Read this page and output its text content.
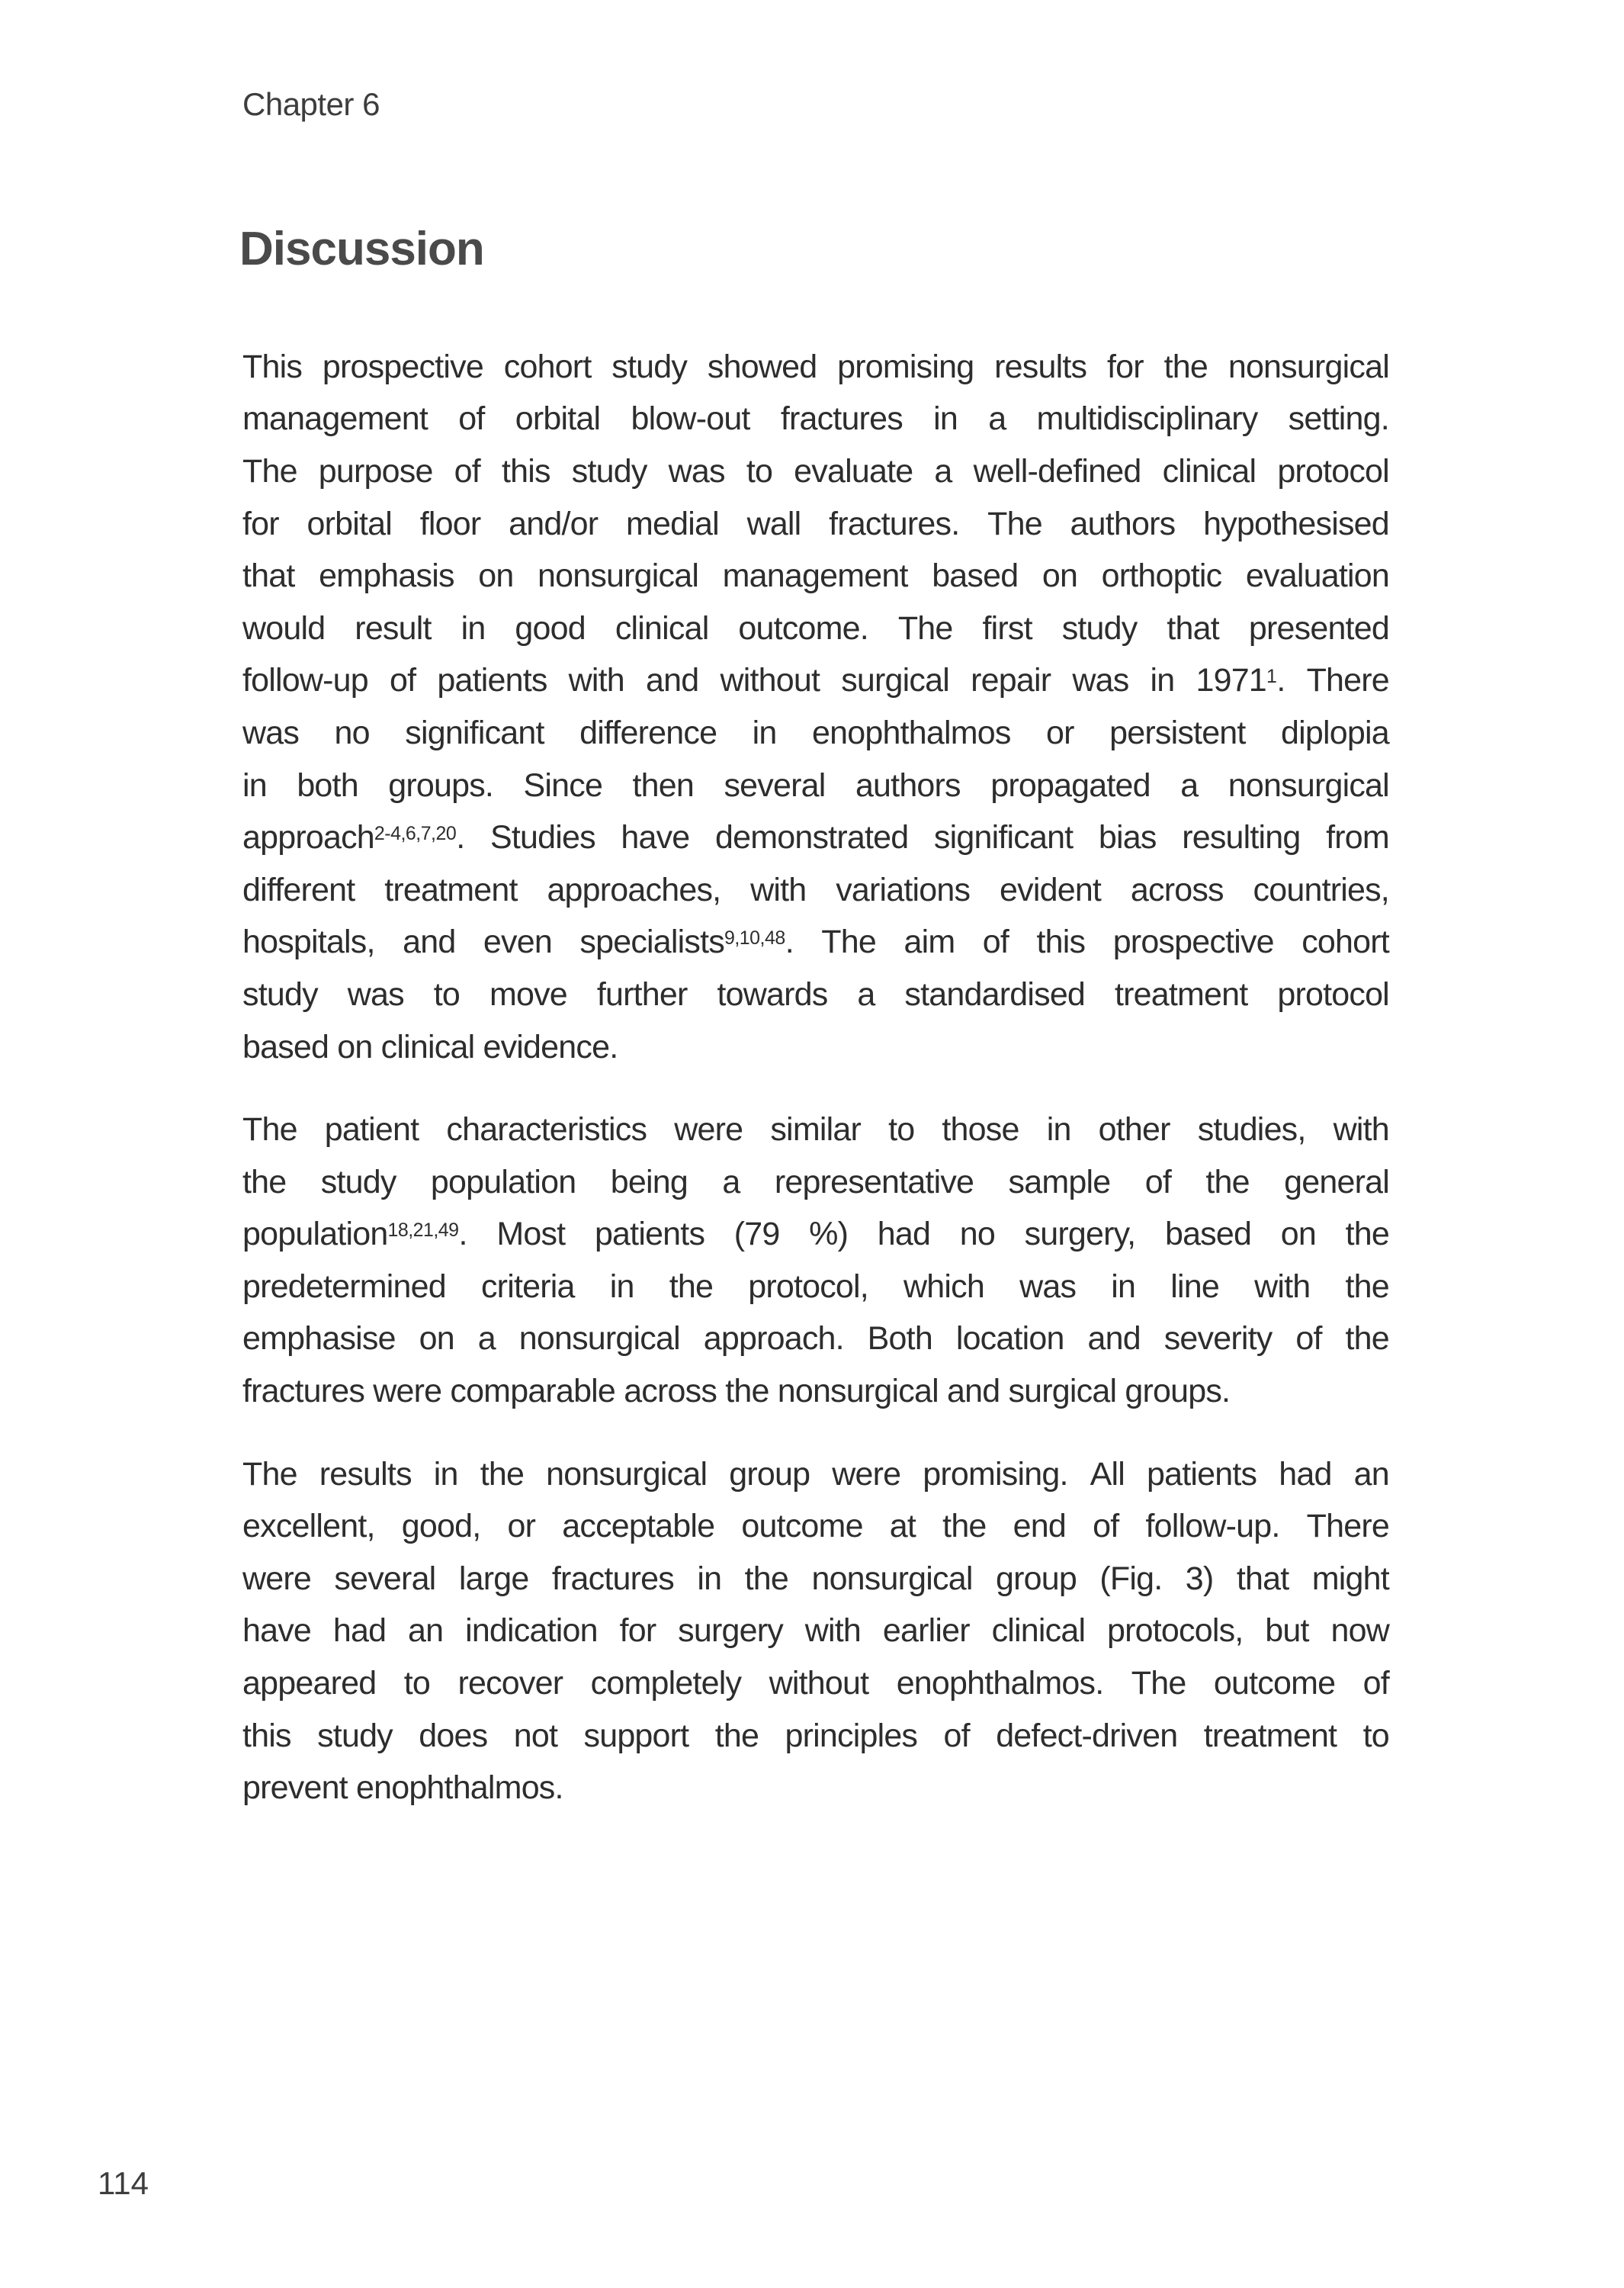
Chapter 6
Discussion
This prospective cohort study showed promising results for the nonsurgical
management of orbital blow-out fractures in a multidisciplinary setting.
The purpose of this study was to evaluate a well-defined clinical protocol
for orbital floor and/or medial wall fractures. The authors hypothesised
that emphasis on nonsurgical management based on orthoptic evaluation
would result in good clinical outcome. The first study that presented
follow-up of patients with and without surgical repair was in 1971$^1$. There
was no significant difference in enophthalmos or persistent diplopia
in both groups. Since then several authors propagated a nonsurgical
approach$^{2-4,6,7,20}$. Studies have demonstrated significant bias resulting from
different treatment approaches, with variations evident across countries,
hospitals, and even specialists$^{9,10,48}$. The aim of this prospective cohort
study was to move further towards a standardised treatment protocol
based on clinical evidence.
The patient characteristics were similar to those in other studies, with
the study population being a representative sample of the general
population$^{18,21,49}$. Most patients (79 %) had no surgery, based on the
predetermined criteria in the protocol, which was in line with the
emphasise on a nonsurgical approach. Both location and severity of the
fractures were comparable across the nonsurgical and surgical groups.
The results in the nonsurgical group were promising. All patients had an
excellent, good, or acceptable outcome at the end of follow-up. There
were several large fractures in the nonsurgical group (Fig. 3) that might
have had an indication for surgery with earlier clinical protocols, but now
appeared to recover completely without enophthalmos. The outcome of
this study does not support the principles of defect-driven treatment to
prevent enophthalmos.
114
